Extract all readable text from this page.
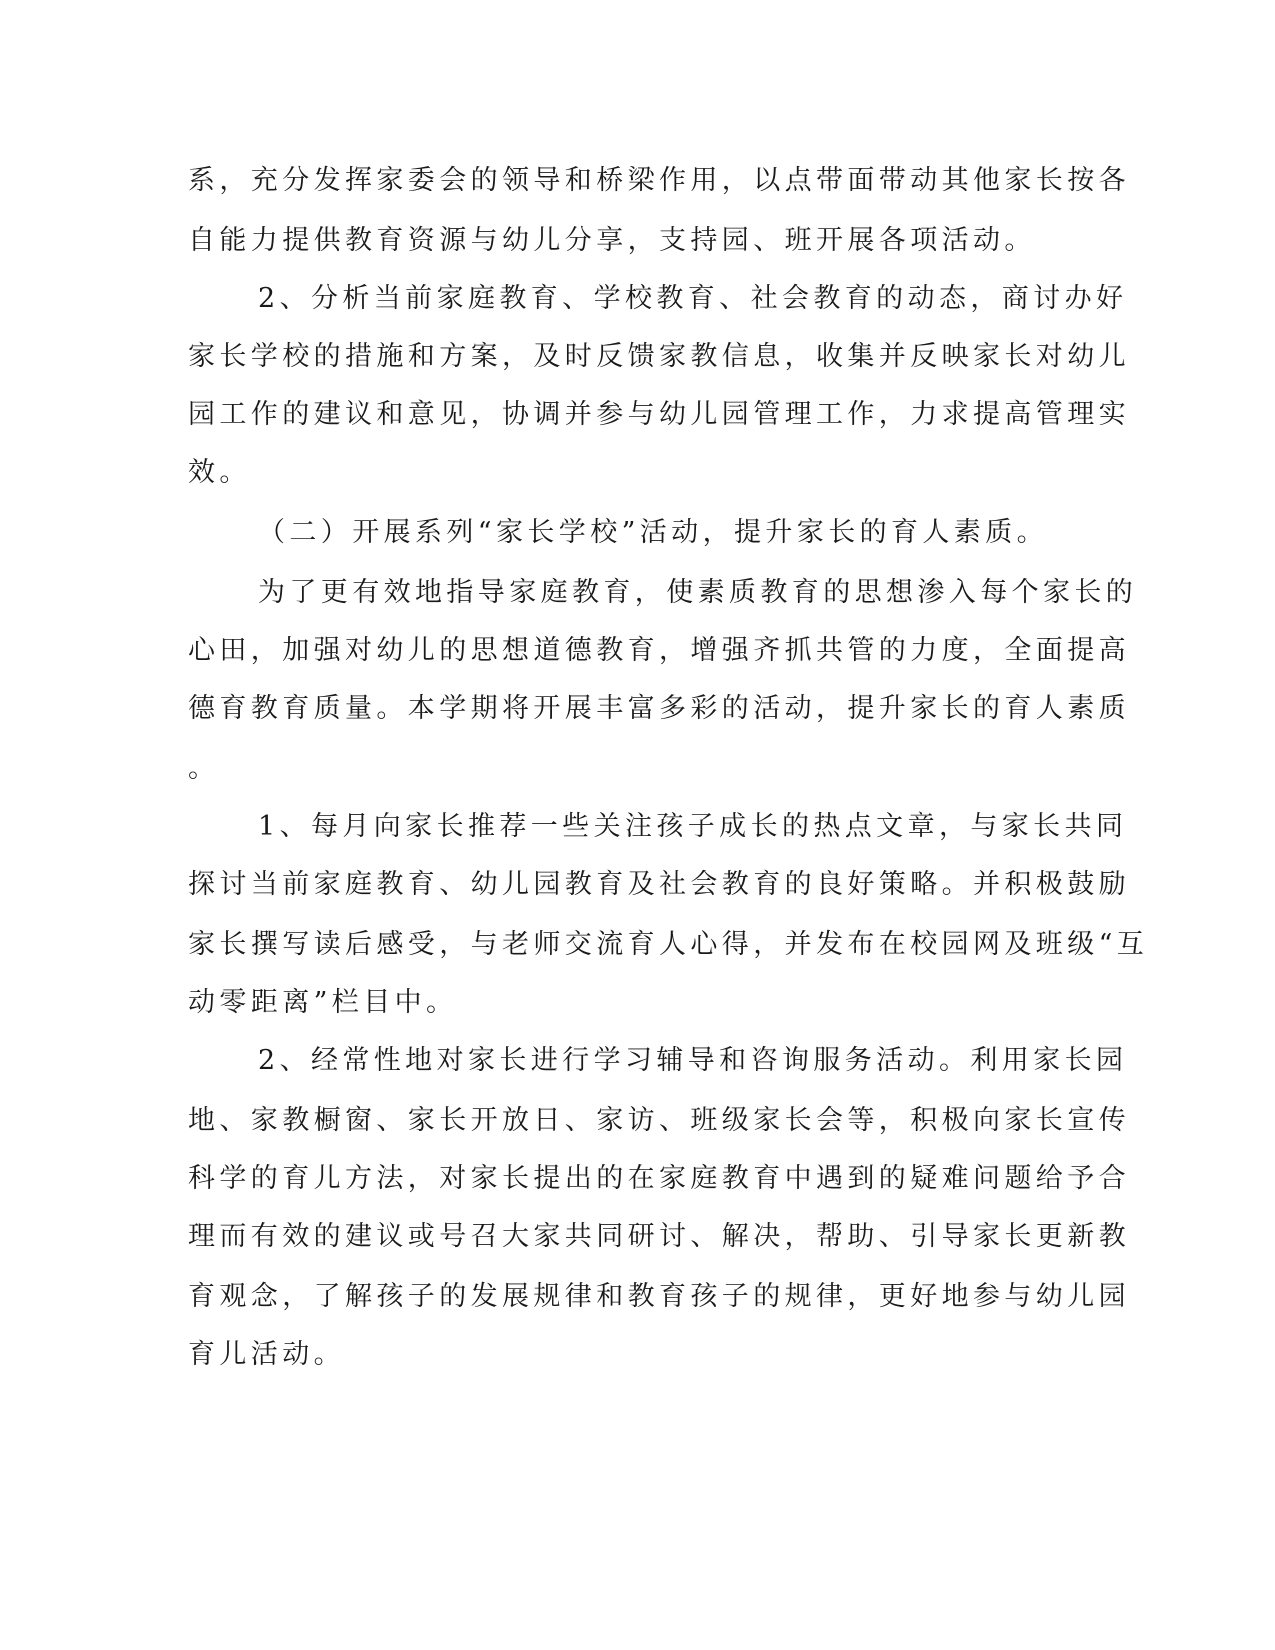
系，充分发挥家委会的领导和桥梁作用，以点带面带动其他家长按各
自能力提供教育资源与幼儿分享，支持园、班开展各项活动。
2、分析当前家庭教育、学校教育、社会教育的动态，商讨办好
家长学校的措施和方案，及时反馈家教信息，收集并反映家长对幼儿
园工作的建议和意见，协调并参与幼儿园管理工作，力求提高管理实
效。
（二）开展系列“家长学校”活动，提升家长的育人素质。
为了更有效地指导家庭教育，使素质教育的思想渗入每个家长的
心田，加强对幼儿的思想道德教育，增强齐抓共管的力度，全面提高
德育教育质量。本学期将开展丰富多彩的活动，提升家长的育人素质
。
1、每月向家长推荐一些关注孩子成长的热点文章，与家长共同
探讨当前家庭教育、幼儿园教育及社会教育的良好策略。并积极鼓励
家长撰写读后感受，与老师交流育人心得，并发布在校园网及班级“互
动零距离”栏目中。
2、经常性地对家长进行学习辅导和咨询服务活动。利用家长园
地、家教橱窗、家长开放日、家访、班级家长会等，积极向家长宣传
科学的育儿方法，对家长提出的在家庭教育中遇到的疑难问题给予合
理而有效的建议或号召大家共同研讨、解决，帮助、引导家长更新教
育观念，了解孩子的发展规律和教育孩子的规律，更好地参与幼儿园
育儿活动。
